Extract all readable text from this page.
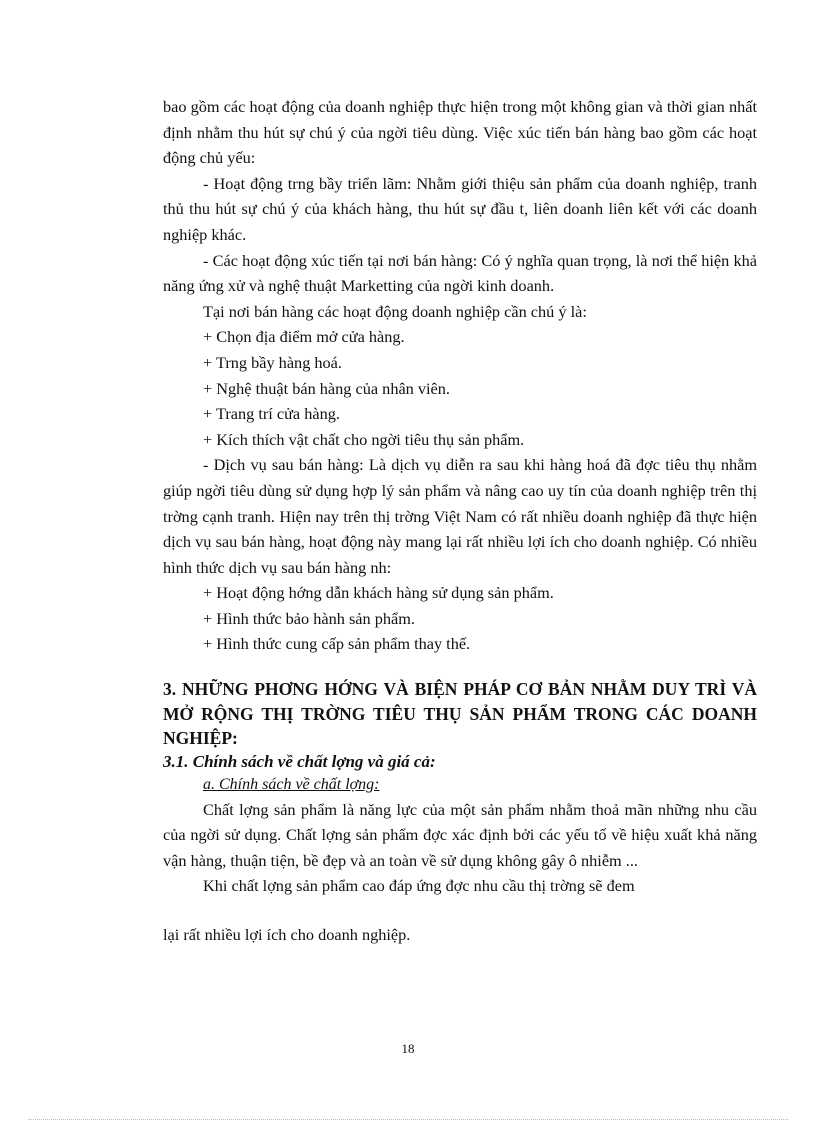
bao gồm các hoạt động của doanh nghiệp thực hiện trong một không gian và thời gian nhất định nhằm thu hút sự chú ý của ngời tiêu dùng. Việc xúc tiến bán hàng bao gồm các hoạt động chủ yếu:

- Hoạt động trng bầy triển lãm: Nhằm giới thiệu sản phẩm của doanh nghiệp, tranh thủ thu hút sự chú ý của khách hàng, thu hút sự đầu t, liên doanh liên kết với các doanh nghiệp khác.

- Các hoạt động xúc tiến tại nơi bán hàng: Có ý nghĩa quan trọng, là nơi thể hiện khả năng ứng xử và nghệ thuật Marketting của ngời kinh doanh.

Tại nơi bán hàng các hoạt động doanh nghiệp cần chú ý là:

+ Chọn địa điểm mở cửa hàng.

+ Trng bầy hàng hoá.

+ Nghệ thuật bán hàng của nhân viên.

+ Trang trí cửa hàng.

+ Kích thích vật chất cho ngời tiêu thụ sản phẩm.

- Dịch vụ sau bán hàng: Là dịch vụ diễn ra sau khi hàng hoá đã đợc tiêu thụ nhằm giúp ngời tiêu dùng sử dụng hợp lý sản phẩm và nâng cao uy tín của doanh nghiệp trên thị trờng cạnh tranh. Hiện nay trên thị trờng Việt Nam có rất nhiều doanh nghiệp đã thực hiện dịch vụ sau bán hàng, hoạt động này mang lại rất nhiều lợi ích cho doanh nghiệp. Có nhiều hình thức dịch vụ sau bán hàng nh:

+ Hoạt động hớng dẫn khách hàng sử dụng sản phẩm.

+ Hình thức bảo hành sản phẩm.

+ Hình thức cung cấp sản phẩm thay thế.

3. NHỮNG PHƠNG HỚNG VÀ BIỆN PHÁP CƠ BẢN NHẰM DUY TRÌ VÀ MỞ RỘNG THỊ TRỜNG TIÊU THỤ SẢN PHẨM TRONG CÁC DOANH NGHIỆP:

3.1. Chính sách về chất lợng và giá cả:

a. Chính sách về chất lợng:

Chất lợng sản phẩm là năng lực của một sản phẩm nhằm thoả mãn những nhu cầu của ngời sử dụng. Chất lợng sản phẩm đợc xác định bởi các yếu tố về hiệu xuất khả năng vận hàng, thuận tiện, bề đẹp và an toàn về sử dụng không gây ô nhiễm ...

Khi chất lợng sản phẩm cao đáp ứng đợc nhu cầu thị trờng sẽ đem

lại rất nhiều lợi ích cho doanh nghiệp.

18
